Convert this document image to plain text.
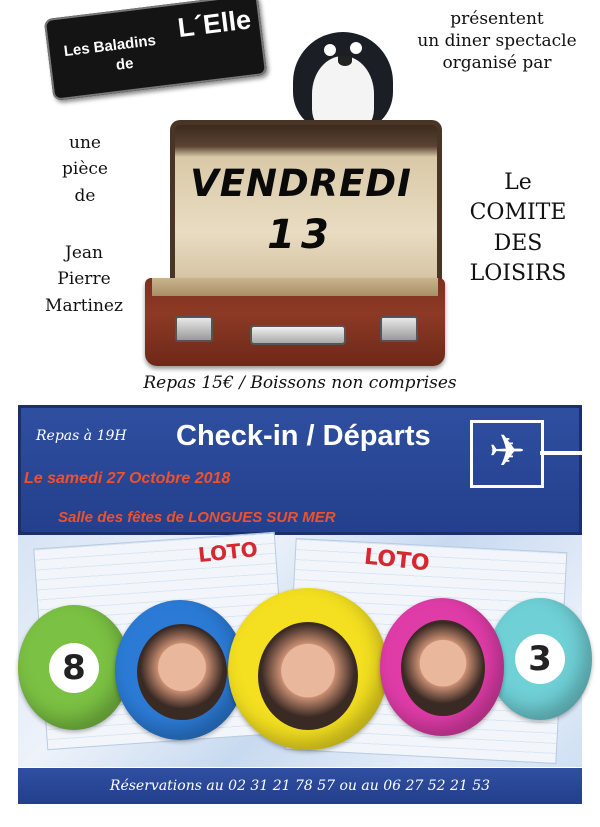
Les Baladins
de
L´Elle	présentent
un diner spectacle
organisé par
une
pièce
de
Jean
Pierre
Martinez
VENDREDI
13
Le
COMITE
DES
LOISIRS
Repas 15€ / Boissons non comprises
Repas à 19H Check-in / Départs
Le samedi 27 Octobre 2018
Salle des fêtes de LONGUES SUR MER
✈
LOTO	LOTO
8	3
Réservations au 02 31 21 78 57 ou au 06 27 52 21 53
